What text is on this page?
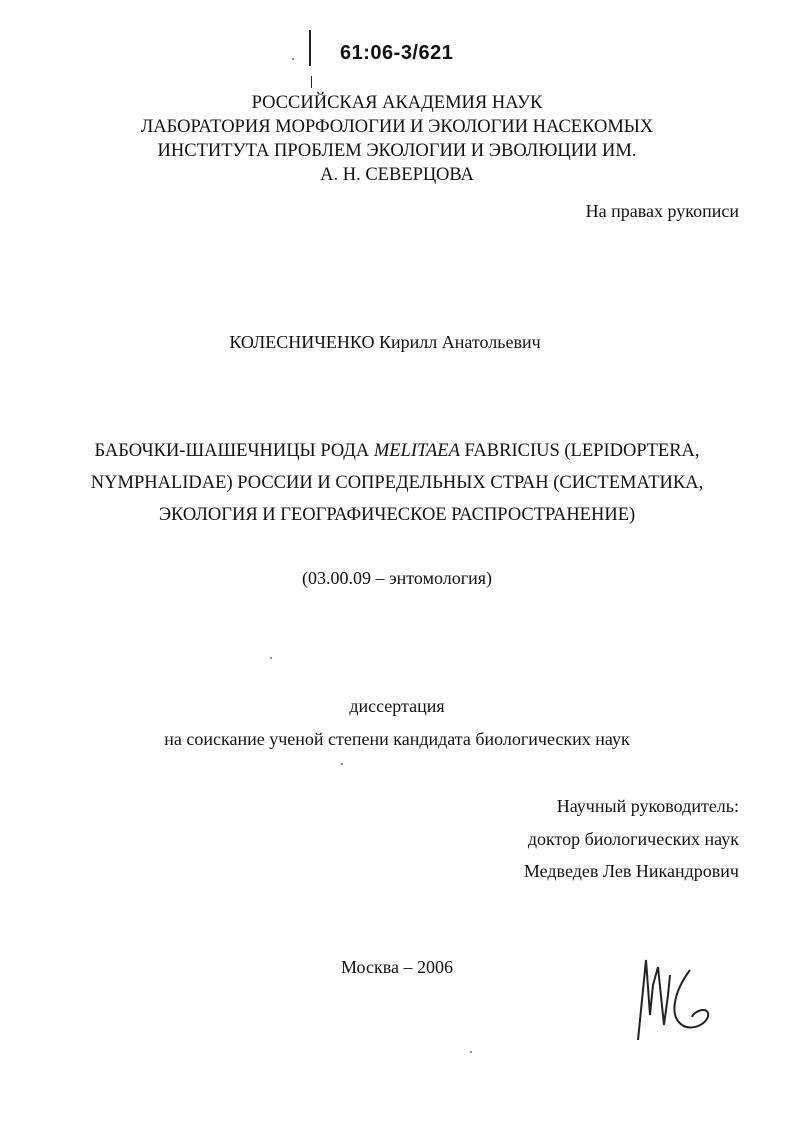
61:06-3/621
РОССИЙСКАЯ АКАДЕМИЯ НАУК
ЛАБОРАТОРИЯ МОРФОЛОГИИ И ЭКОЛОГИИ НАСЕКОМЫХ
ИНСТИТУТА ПРОБЛЕМ ЭКОЛОГИИ И ЭВОЛЮЦИИ ИМ.
А. Н. СЕВЕРЦОВА
На правах рукописи
КОЛЕСНИЧЕНКО Кирилл Анатольевич
БАБОЧКИ-ШАШЕЧНИЦЫ РОДА MELITAEA FABRICIUS (LEPIDOPTERA,
NYMPHALIDAE) РОССИИ И СОПРЕДЕЛЬНЫХ СТРАН (СИСТЕМАТИКА,
ЭКОЛОГИЯ И ГЕОГРАФИЧЕСКОЕ РАСПРОСТРАНЕНИЕ)
(03.00.09 – энтомология)
диссертация
на соискание ученой степени кандидата биологических наук
Научный руководитель:
доктор биологических наук
Медведев Лев Никандрович
Москва – 2006
